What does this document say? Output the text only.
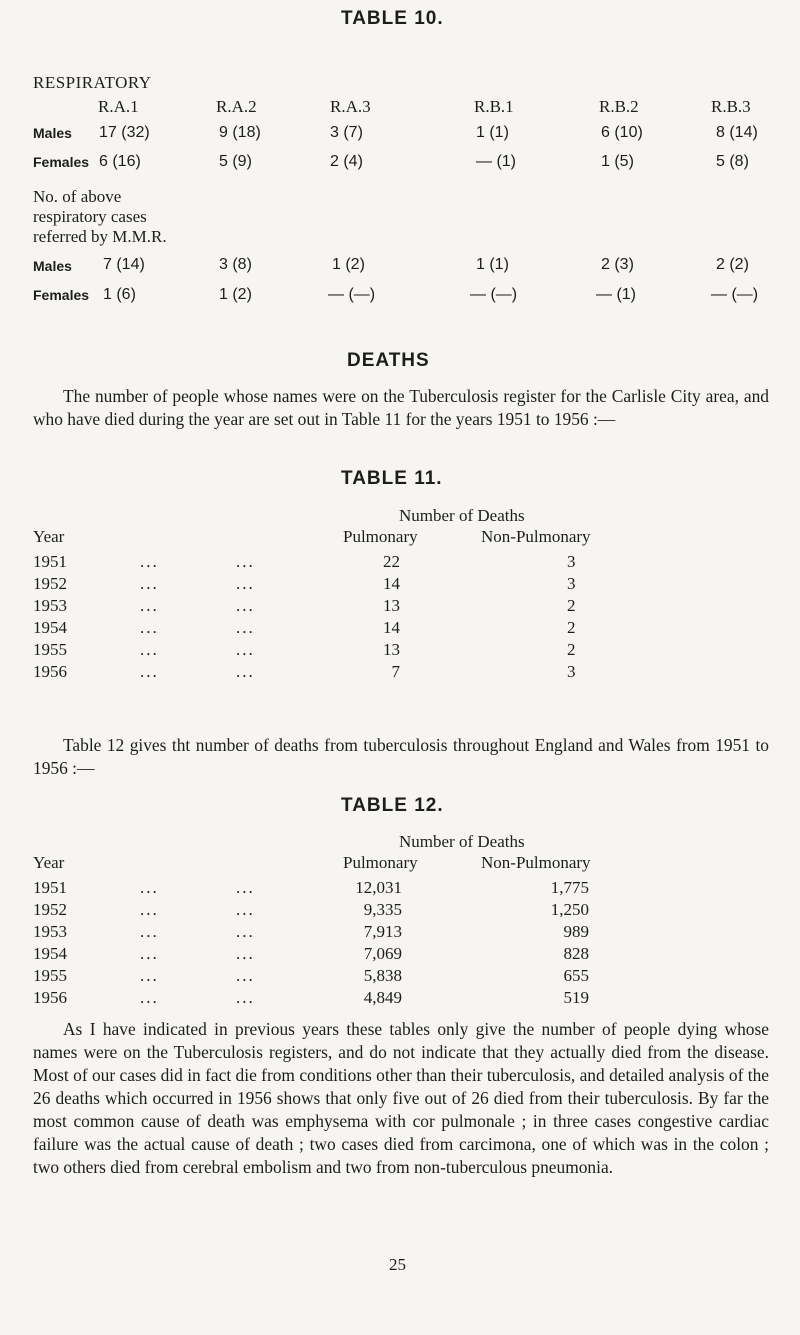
TABLE 10.
RESPIRATORY
R.A.1	R.A.2	R.A.3	R.B.1	R.B.2	R.B.3
Males 17 (32)	9 (18)	3 (7)	1 (1)	6 (10)	8 (14)
Females 6 (16)	5 (9)	2 (4)	— (1)	1 (5)	5 (8)
No. of above
respiratory cases
referred by M.M.R.
Males 7 (14)	3 (8)	1 (2)	1 (1)	2 (3)	2 (2)
Females 1 (6)	1 (2)	— (—)	— (—)	— (1)	— (—)
DEATHS
The number of people whose names were on the Tuberculosis register for the Carlisle City area, and who have died during the year are set out in Table 11 for the years 1951 to 1956 :—
TABLE 11.
Number of Deaths
Year	Pulmonary	Non-Pulmonary
1951	...	...	22	3
1952	...	...	14	3
1953	...	...	13	2
1954	...	...	14	2
1955	...	...	13	2
1956	...	...	7	3
Table 12 gives tht number of deaths from tuberculosis throughout England and Wales from 1951 to 1956 :—
TABLE 12.
Number of Deaths
Year	Pulmonary	Non-Pulmonary
1951	...	...	12,031	1,775
1952	...	...	9,335	1,250
1953	...	...	7,913	989
1954	...	...	7,069	828
1955	...	...	5,838	655
1956	...	...	4,849	519
As I have indicated in previous years these tables only give the number of people dying whose names were on the Tuberculosis registers, and do not indicate that they actually died from the disease. Most of our cases did in fact die from conditions other than their tuberculosis, and detailed analysis of the 26 deaths which occurred in 1956 shows that only five out of 26 died from their tuberculosis. By far the most common cause of death was emphysema with cor pulmonale ; in three cases congestive cardiac failure was the actual cause of death ; two cases died from carcimona, one of which was in the colon ; two others died from cerebral embolism and two from non-tuberculous pneumonia.
25
